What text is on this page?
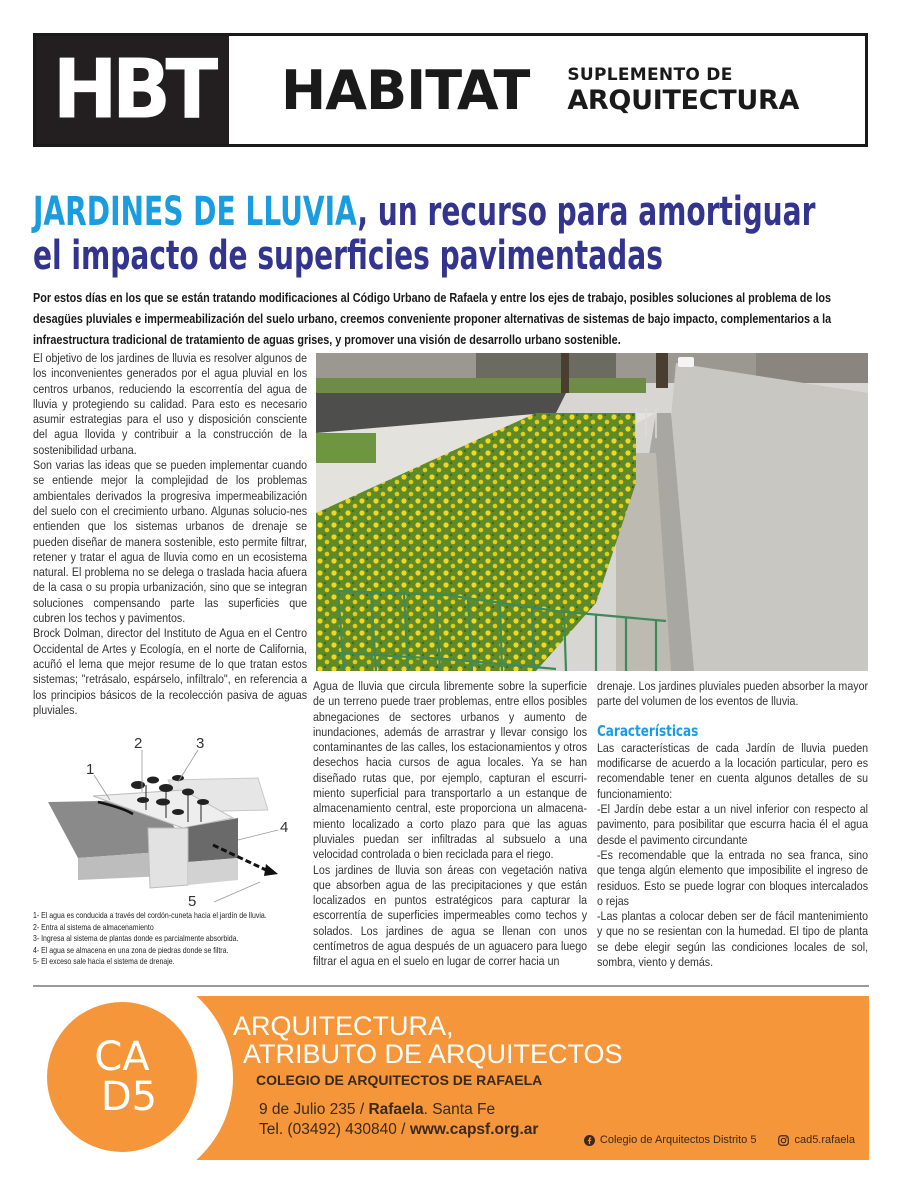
HBT HABITAT SUPLEMENTO DE
ARQUITECTURA
JARDINES DE LLUVIA, un recurso para amortiguar
el impacto de superficies pavimentadas

Por estos días en los que se están tratando modificaciones al Código Urbano de Rafaela y entre los ejes de trabajo, posibles soluciones al problema de los desagües pluviales e impermeabilización del suelo urbano, creemos conveniente proponer alternativas de sistemas de bajo impacto, complementarios a la infraestructura tradicional de tratamiento de aguas grises, y promover una visión de desarrollo urbano sostenible.

El objetivo de los jardines de lluvia es resolver algunos de los inconvenientes generados por el agua pluvial en los centros urbanos, reduciendo la escorrentía del agua de lluvia y protegiendo su calidad. Para esto es necesario asumir estrategias para el uso y disposición consciente del agua llovida y contribuir a la construcción de la sostenibilidad urbana.

Son varias las ideas que se pueden implementar cuando se entiende mejor la complejidad de los problemas ambientales derivados la progresiva impermeabilización del suelo con el crecimiento urbano. Algunas solucio-nes entienden que los sistemas urbanos de drenaje se pueden diseñar de manera sostenible, esto permite filtrar, retener y tratar el agua de lluvia como en un ecosistema natural. El problema no se delega o traslada hacia afuera de la casa o su propia urbanización, sino que se integran soluciones compensando parte las superficies que cubren los techos y pavimentos.

Brock Dolman, director del Instituto de Agua en el Centro Occidental de Artes y Ecología, en el norte de California, acuñó el lema que mejor resume de lo que tratan estos sistemas; "retrásalo, espárselo, infíltralo", en referencia a los principios básicos de la recolección pasiva de aguas pluviales.

1
2	3
4
5
1- El agua es conducida a través del cordón-cuneta hacia el jardín de lluvia.
2- Entra al sistema de almacenamiento
3- Ingresa al sistema de plantas donde es parcialmente absorbida.
4- El agua se almacena en una zona de piedras donde se filtra.
5- El exceso sale hacia el sistema de drenaje.

Agua de lluvia que circula libremente sobre la superficie de un terreno puede traer problemas, entre ellos posibles abnegaciones de sectores urbanos y aumento de inundaciones, además de arrastrar y llevar consigo los contaminantes de las calles, los estacionamientos y otros desechos hacia cursos de agua locales. Ya se han diseñado rutas que, por ejemplo, capturan el escurri-miento superficial para transportarlo a un estanque de almacenamiento central, este proporciona un almacena-miento localizado a corto plazo para que las aguas pluviales puedan ser infiltradas al subsuelo a una velocidad controlada o bien reciclada para el riego.

Los jardines de lluvia son áreas con vegetación nativa que absorben agua de las precipitaciones y que están localizados en puntos estratégicos para capturar la escorrentía de superficies impermeables como techos y solados. Los jardines de agua se llenan con unos centímetros de agua después de un aguacero para luego filtrar el agua en el suelo en lugar de correr hacia un

drenaje. Los jardines pluviales pueden absorber la mayor parte del volumen de los eventos de lluvia.

Características

Las características de cada Jardín de lluvia pueden modificarse de acuerdo a la locación particular, pero es recomendable tener en cuenta algunos detalles de su funcionamiento:

-El Jardín debe estar a un nivel inferior con respecto al pavimento, para posibilitar que escurra hacia él el agua desde el pavimento circundante

-Es recomendable que la entrada no sea franca, sino que tenga algún elemento que imposibilite el ingreso de residuos. Esto se puede lograr con bloques intercalados o rejas

-Las plantas a colocar deben ser de fácil mantenimiento y que no se resientan con la humedad. El tipo de planta se debe elegir según las condiciones locales de sol, sombra, viento y demás.

CA
D5
ARQUITECTURA,
ATRIBUTO DE ARQUITECTOS
COLEGIO DE ARQUITECTOS DE RAFAELA
9 de Julio 235 / Rafaela. Santa Fe
Tel. (03492) 430840 / www.capsf.org.ar
Colegio de Arquitectos Distrito 5	cad5.rafaela
